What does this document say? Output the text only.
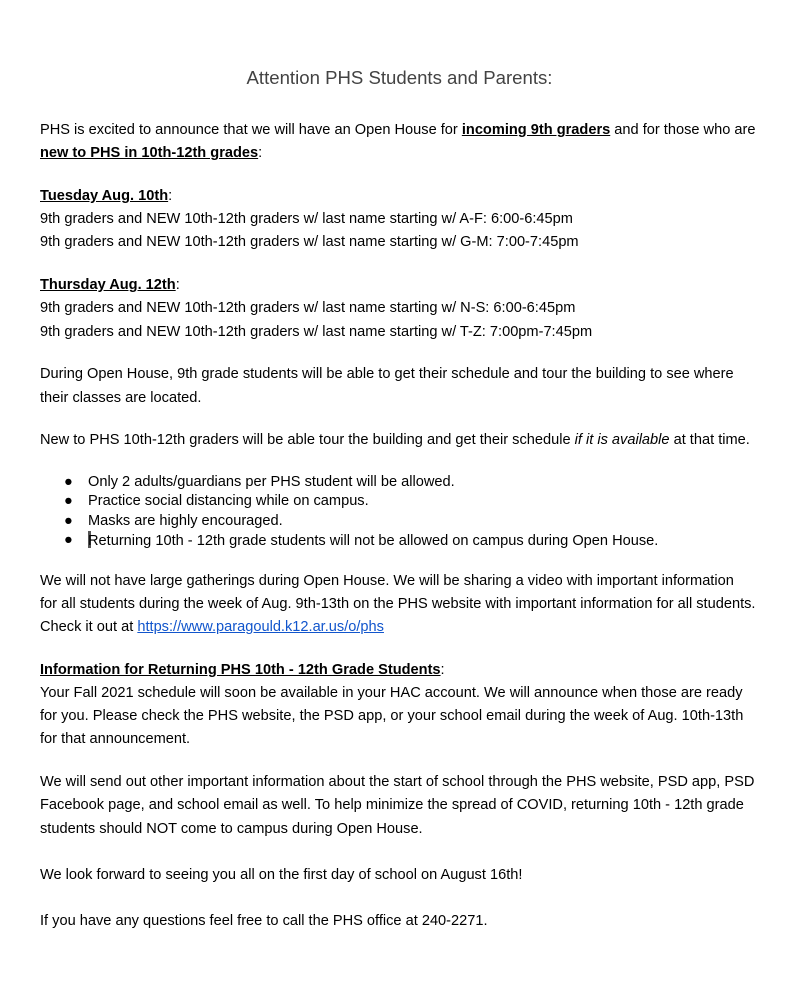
Attention PHS Students and Parents:
PHS is excited to announce that we will have an Open House for incoming 9th graders and for those who are
new to PHS in 10th-12th grades:
Tuesday Aug. 10th:
9th graders and NEW 10th-12th graders w/ last name starting w/ A-F: 6:00-6:45pm
9th graders and NEW 10th-12th graders w/ last name starting w/ G-M: 7:00-7:45pm
Thursday Aug. 12th:
9th graders and NEW 10th-12th graders w/ last name starting w/ N-S: 6:00-6:45pm
9th graders and NEW 10th-12th graders w/ last name starting w/ T-Z: 7:00pm-7:45pm
During Open House, 9th grade students will be able to get their schedule and tour the building to see where
their classes are located.
New to PHS 10th-12th graders will be able tour the building and get their schedule if it is available at that time.
● Only 2 adults/guardians per PHS student will be allowed.
● Practice social distancing while on campus.
● Masks are highly encouraged.
● Returning 10th - 12th grade students will not be allowed on campus during Open House.
We will not have large gatherings during Open House. We will be sharing a video with important information
for all students during the week of Aug. 9th-13th on the PHS website with important information for all students.
Check it out at https://www.paragould.k12.ar.us/o/phs
Information for Returning PHS 10th - 12th Grade Students:
Your Fall 2021 schedule will soon be available in your HAC account. We will announce when those are ready
for you. Please check the PHS website, the PSD app, or your school email during the week of Aug. 10th-13th
for that announcement.
We will send out other important information about the start of school through the PHS website, PSD app, PSD
Facebook page, and school email as well. To help minimize the spread of COVID, returning 10th - 12th grade
students should NOT come to campus during Open House.
We look forward to seeing you all on the first day of school on August 16th!
If you have any questions feel free to call the PHS office at 240-2271.
